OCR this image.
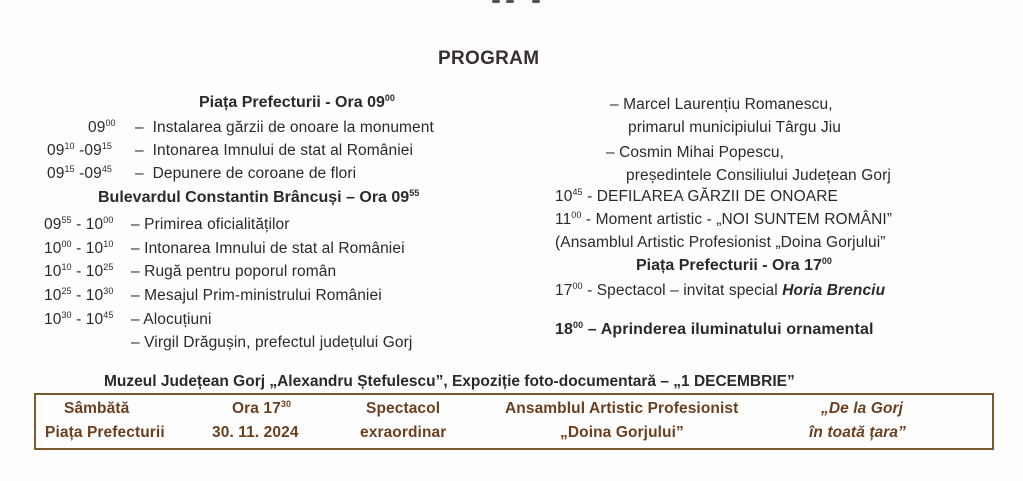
PROGRAM
Piața Prefecturii - Ora $09^{00}$
$09^{00}$ – Instalarea gărzii de onoare la monument
$09^{10}$ $-09^{15}$ – Intonarea Imnului de stat al României
$09^{15}$ $-09^{45}$ – Depunere de coroane de flori
Bulevardul Constantin Brâncuși – Ora $09^{55}$
$09^{55} - 10^{00}$ – Primirea oficialităților
$10^{00} - 10^{10}$ – Intonarea Imnului de stat al României
$10^{10} - 10^{25}$ – Rugă pentru poporul român
$10^{25} - 10^{30}$ – Mesajul Prim-ministrului României
$10^{30} - 10^{45}$ – Alocuțiuni
– Virgil Drăgușin, prefectul județului Gorj
– Marcel Laurențiu Romanescu,
primarul municipiului Târgu Jiu
– Cosmin Mihai Popescu,
președintele Consiliului Județean Gorj
$10^{45}$ - DEFILAREA GĂRZII DE ONOARE
$11^{00}$ - Moment artistic - „NOI SUNTEM ROMÂNI”
(Ansamblul Artistic Profesionist „Doina Gorjului”
Piața Prefecturii - Ora $17^{00}$
$17^{00}$ - Spectacol – invitat special Horia Brenciu
$18^{00}$ – Aprinderea iluminatului ornamental
Muzeul Județean Gorj „Alexandru Ștefulescu”, Expoziție foto-documentară – „1 DECEMBRIE”
Sâmbătă
Piața Prefecturii
Ora $17^{30}$
30. 11. 2024
Spectacol
exraordinar
Ansamblul Artistic Profesionist
„Doina Gorjului”
„De la Gorj
în toată țara”
